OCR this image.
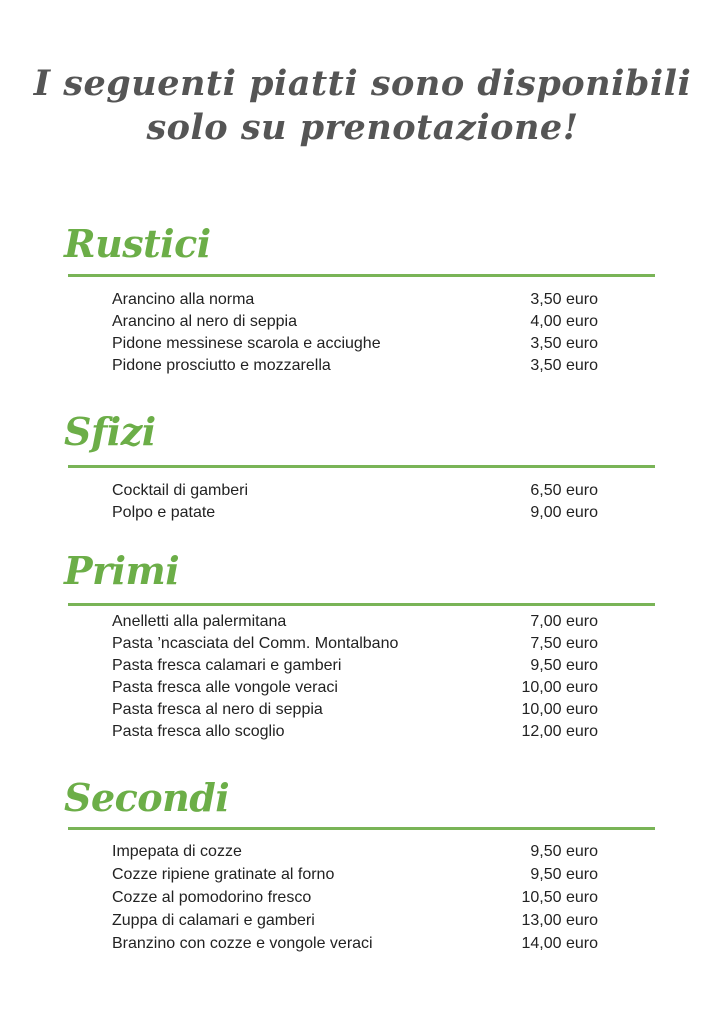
I seguenti piatti sono disponibili
solo su prenotazione!
Rustici
Arancino alla norma	3,50 euro
Arancino al nero di seppia	4,00 euro
Pidone messinese scarola e acciughe	3,50 euro
Pidone prosciutto e mozzarella	3,50 euro
Sfizi
Cocktail di gamberi	6,50 euro
Polpo e patate	9,00 euro
Primi
Anelletti alla palermitana	7,00 euro
Pasta ’ncasciata del Comm. Montalbano	7,50 euro
Pasta fresca calamari e gamberi	9,50 euro
Pasta fresca alle vongole veraci	10,00 euro
Pasta fresca al nero di seppia	10,00 euro
Pasta fresca allo scoglio	12,00 euro
Secondi
Impepata di cozze	9,50 euro
Cozze ripiene gratinate al forno	9,50 euro
Cozze al pomodorino fresco	10,50 euro
Zuppa di calamari e gamberi	13,00 euro
Branzino con cozze e vongole veraci	14,00 euro
